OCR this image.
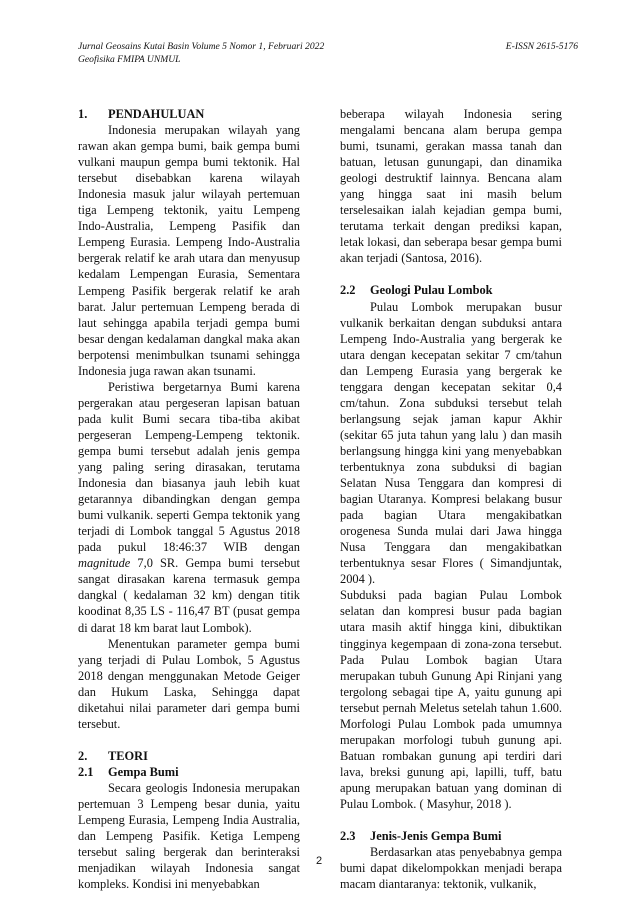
Jurnal Geosains Kutai Basin Volume 5 Nomor 1, Februari 2022	E-ISSN 2615-5176
Geofisika FMIPA UNMUL
1.	PENDAHULUAN

Indonesia merupakan wilayah yang rawan akan gempa bumi, baik gempa bumi vulkani maupun gempa bumi tektonik. Hal tersebut disebabkan karena wilayah Indonesia masuk jalur wilayah pertemuan tiga Lempeng tektonik, yaitu Lempeng Indo-Australia, Lempeng Pasifik dan Lempeng Eurasia. Lempeng Indo-Australia bergerak relatif ke arah utara dan menyusup kedalam Lempengan Eurasia, Sementara Lempeng Pasifik bergerak relatif ke arah barat. Jalur pertemuan Lempeng berada di laut sehingga apabila terjadi gempa bumi besar dengan kedalaman dangkal maka akan berpotensi menimbulkan tsunami sehingga Indonesia juga rawan akan tsunami.

Peristiwa bergetarnya Bumi karena pergerakan atau pergeseran lapisan batuan pada kulit Bumi secara tiba-tiba akibat pergeseran Lempeng-Lempeng tektonik. gempa bumi tersebut adalah jenis gempa yang paling sering dirasakan, terutama Indonesia dan biasanya jauh lebih kuat getarannya dibandingkan dengan gempa bumi vulkanik. seperti Gempa tektonik yang terjadi di Lombok tanggal 5 Agustus 2018 pada pukul 18:46:37 WIB dengan magnitude 7,0 SR. Gempa bumi tersebut sangat dirasakan karena termasuk gempa dangkal ( kedalaman 32 km) dengan titik koodinat 8,35 LS - 116,47 BT (pusat gempa di darat 18 km barat laut Lombok).

Menentukan parameter gempa bumi yang terjadi di Pulau Lombok, 5 Agustus 2018 dengan menggunakan Metode Geiger dan Hukum Laska, Sehingga dapat diketahui nilai parameter dari gempa bumi tersebut.

2.	TEORI
2.1	Gempa Bumi

Secara geologis Indonesia merupakan pertemuan 3 Lempeng besar dunia, yaitu Lempeng Eurasia, Lempeng India Australia, dan Lempeng Pasifik. Ketiga Lempeng tersebut saling bergerak dan berinteraksi menjadikan wilayah Indonesia sangat kompleks. Kondisi ini menyebabkan

beberapa wilayah Indonesia sering mengalami bencana alam berupa gempa bumi, tsunami, gerakan massa tanah dan batuan, letusan gunungapi, dan dinamika geologi destruktif lainnya. Bencana alam yang hingga saat ini masih belum terselesaikan ialah kejadian gempa bumi, terutama terkait dengan prediksi kapan, letak lokasi, dan seberapa besar gempa bumi akan terjadi (Santosa, 2016).

2.2	Geologi Pulau Lombok

Pulau Lombok merupakan busur vulkanik berkaitan dengan subduksi antara Lempeng Indo-Australia yang bergerak ke utara dengan kecepatan sekitar 7 cm/tahun dan Lempeng Eurasia yang bergerak ke tenggara dengan kecepatan sekitar 0,4 cm/tahun. Zona subduksi tersebut telah berlangsung sejak jaman kapur Akhir (sekitar 65 juta tahun yang lalu ) dan masih berlangsung hingga kini yang menyebabkan terbentuknya zona subduksi di bagian Selatan Nusa Tenggara dan kompresi di bagian Utaranya. Kompresi belakang busur pada bagian Utara mengakibatkan orogenesa Sunda mulai dari Jawa hingga Nusa Tenggara dan mengakibatkan terbentuknya sesar Flores ( Simandjuntak, 2004 ).

Subduksi pada bagian Pulau Lombok selatan dan kompresi busur pada bagian utara masih aktif hingga kini, dibuktikan tingginya kegempaan di zona-zona tersebut. Pada Pulau Lombok bagian Utara merupakan tubuh Gunung Api Rinjani yang tergolong sebagai tipe A, yaitu gunung api tersebut pernah Meletus setelah tahun 1.600. Morfologi Pulau Lombok pada umumnya merupakan morfologi tubuh gunung api. Batuan rombakan gunung api terdiri dari lava, breksi gunung api, lapilli, tuff, batu apung merupakan batuan yang dominan di Pulau Lombok. ( Masyhur, 2018 ).

2.3	Jenis-Jenis Gempa Bumi

Berdasarkan atas penyebabnya gempa bumi dapat dikelompokkan menjadi berapa macam diantaranya: tektonik, vulkanik,

2
